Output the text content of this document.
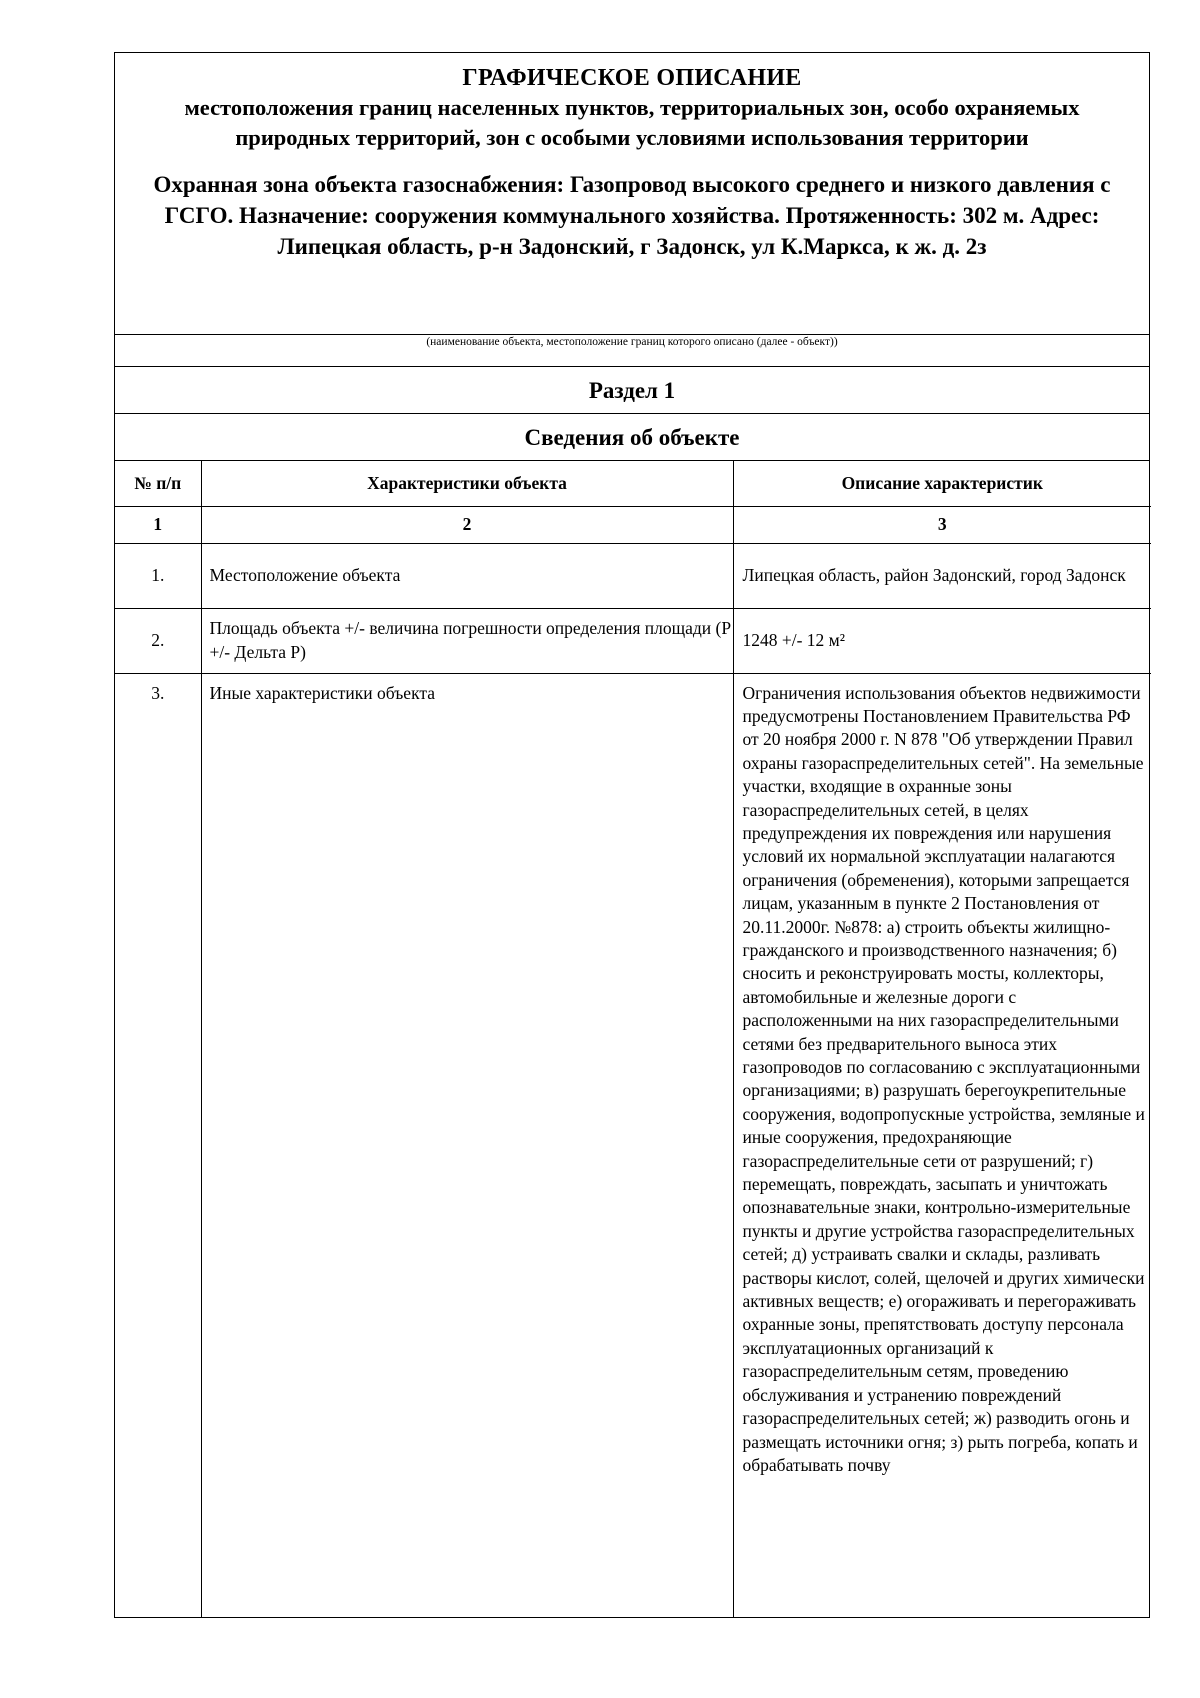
ГРАФИЧЕСКОЕ ОПИСАНИЕ
местоположения границ населенных пунктов, территориальных зон, особо охраняемых природных территорий, зон с особыми условиями использования территории
Охранная зона объекта газоснабжения: Газопровод высокого среднего и низкого давления с ГСГО. Назначение: сооружения коммунального хозяйства. Протяженность: 302 м. Адрес: Липецкая область, р-н Задонский, г Задонск, ул К.Маркса, к ж. д. 2з
(наименование объекта, местоположение границ которого описано (далее - объект))
Раздел 1
Сведения об объекте
№ п/п	Характеристики объекта	Описание характеристик
1	2	3
1.	Местоположение объекта	Липецкая область, район Задонский, город Задонск
2.	Площадь объекта +/- величина погрешности определения площади (P +/- Дельта P)	1248 +/- 12 м²
3.	Иные характеристики объекта	Ограничения использования объектов недвижимости предусмотрены Постановлением Правительства РФ от 20 ноября 2000 г. N 878 "Об утверждении Правил охраны газораспределительных сетей". На земельные участки, входящие в охранные зоны газораспределительных сетей, в целях предупреждения их повреждения или нарушения условий их нормальной эксплуатации налагаются ограничения (обременения), которыми запрещается лицам, указанным в пункте 2 Постановления от 20.11.2000г. №878: а) строить объекты жилищно-гражданского и производственного назначения; б) сносить и реконструировать мосты, коллекторы, автомобильные и железные дороги с расположенными на них газораспределительными сетями без предварительного выноса этих газопроводов по согласованию с эксплуатационными организациями; в) разрушать берегоукрепительные сооружения, водопропускные устройства, земляные и иные сооружения, предохраняющие газораспределительные сети от разрушений; г) перемещать, повреждать, засыпать и уничтожать опознавательные знаки, контрольно-измерительные пункты и другие устройства газораспределительных сетей; д) устраивать свалки и склады, разливать растворы кислот, солей, щелочей и других химически активных веществ; е) огораживать и перегораживать охранные зоны, препятствовать доступу персонала эксплуатационных организаций к газораспределительным сетям, проведению обслуживания и устранению повреждений газораспределительных сетей; ж) разводить огонь и размещать источники огня; з) рыть погреба, копать и обрабатывать почву
